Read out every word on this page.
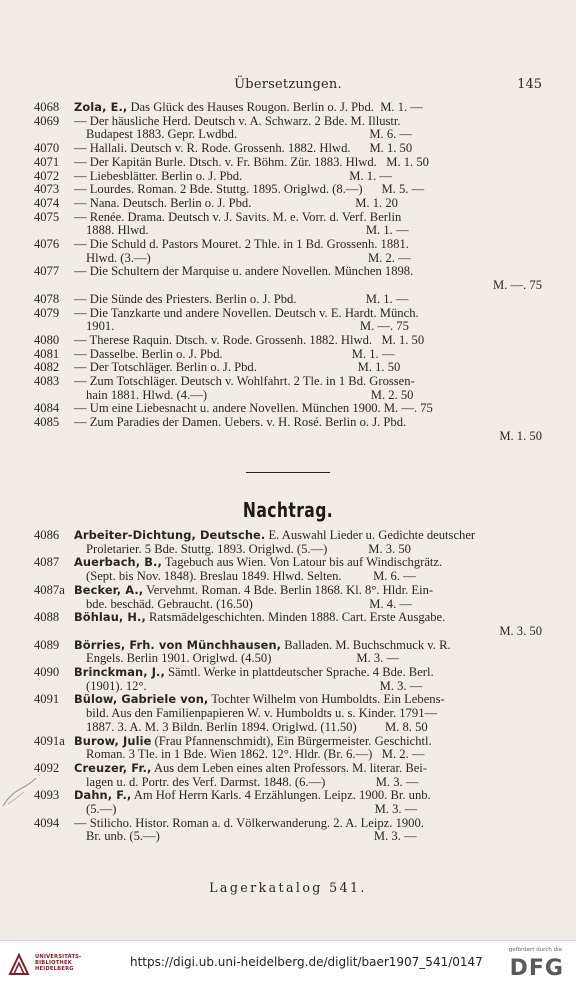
Übersetzungen.	145
4068	Zola, E., Das Glück des Hauses Rougon. Berlin o. J. Pbd.  M. 1. —
4069 — Der häusliche Herd. Deutsch v. A. Schwarz. 2 Bde. M. Illustr.
Budapest 1883. Gepr. Lwdbd.                                          M. 6. —
4070	— Hallali. Deutsch v. R. Rode. Grossenh. 1882. Hlwd.      M. 1. 50
4071	— Der Kapitän Burle. Dtsch. v. Fr. Böhm. Zür. 1883. Hlwd.   M. 1. 50
4072	— Liebesblätter. Berlin o. J. Pbd.                                  M. 1. —
4073	— Lourdes. Roman. 2 Bde. Stuttg. 1895. Origlwd. (8.—)      M. 5. —
4074	— Nana. Deutsch. Berlin o. J. Pbd.                                 M. 1. 20
4075	— Renée. Drama. Deutsch v. J. Savits. M. e. Vorr. d. Verf. Berlin
1888. Hlwd.                                                                     M. 1. —
4076	— Die Schuld d. Pastors Mouret. 2 Thle. in 1 Bd. Grossenh. 1881.
Hlwd. (3.—)                                                                     M. 2. —
4077	— Die Schultern der Marquise u. andere Novellen. München 1898.
M. —. 75
4078	— Die Sünde des Priesters. Berlin o. J. Pbd.                      M. 1. —
4079	— Die Tanzkarte und andere Novellen. Deutsch v. E. Hardt. Münch.
1901.                                                                              M. —. 75
4080	— Therese Raquin. Dtsch. v. Rode. Grossenh. 1882. Hlwd.   M. 1. 50
4081	— Dasselbe. Berlin o. J. Pbd.                                         M. 1. —
4082	— Der Totschläger. Berlin o. J. Pbd.                                M. 1. 50
4083	— Zum Totschläger. Deutsch v. Wohlfahrt. 2 Tle. in 1 Bd. Grossen-
hain 1881. Hlwd. (4.—)                                                    M. 2. 50
4084	— Um eine Liebesnacht u. andere Novellen. München 1900. M. —. 75
4085	— Zum Paradies der Damen. Uebers. v. H. Rosé. Berlin o. J. Pbd.
M. 1. 50
Nachtrag.
4086	Arbeiter-Dichtung, Deutsche. E. Auswahl Lieder u. Gedichte deutscher
Proletarier. 5 Bde. Stuttg. 1893. Origlwd. (5.—)             M. 3. 50
4087	Auerbach, B., Tagebuch aus Wien. Von Latour bis auf Windischgrätz.
(Sept. bis Nov. 1848). Breslau 1849. Hlwd. Selten.          M. 6. —
4087a Becker, A., Vervehmt. Roman. 4 Bde. Berlin 1868. Kl. 8°. Hldr. Ein-
bde. beschäd. Gebraucht. (16.50)                                     M. 4. —
4088	Böhlau, H., Ratsmädelgeschichten. Minden 1888. Cart. Erste Ausgabe.
M. 3. 50
4089	Börries, Frh. von Münchhausen, Balladen. M. Buchschmuck v. R.
Engels. Berlin 1901. Origlwd. (4.50)                           M. 3. —
4090	Brinckman, J., Sämtl. Werke in plattdeutscher Sprache. 4 Bde. Berl.
(1901). 12°.                                                                          M. 3. —
4091	Bülow, Gabriele von, Tochter Wilhelm von Humboldts. Ein Lebens-
bild. Aus den Familienpapieren W. v. Humboldts u. s. Kinder. 1791—
1887. 3. A. M. 3 Bildn. Berlin 1894. Origlwd. (11.50)         M. 8. 50
4091a Burow, Julie (Frau Pfannenschmidt), Ein Bürgermeister. Geschichtl.
Roman. 3 Tle. in 1 Bde. Wien 1862. 12°. Hldr. (Br. 6.—)   M. 2. —
4092	Creuzer, Fr., Aus dem Leben eines alten Professors. M. literar. Bei-
lagen u. d. Portr. des Verf. Darmst. 1848. (6.—)                M. 3. —
4093	Dahn, F., Am Hof Herrn Karls. 4 Erzählungen. Leipz. 1900. Br. unb.
(5.—)                                                                                  M. 3. —
4094	— Stilicho. Histor. Roman a. d. Völkerwanderung. 2. A. Leipz. 1900.
Br. unb. (5.—)                                                                    M. 3. —
Lagerkatalog 541.
UNIVERSITÄTS-
BIBLIOTHEK
HEIDELBERG
https://digi.ub.uni-heidelberg.de/diglit/baer1907_541/0147
gefördert durch die
DFG
